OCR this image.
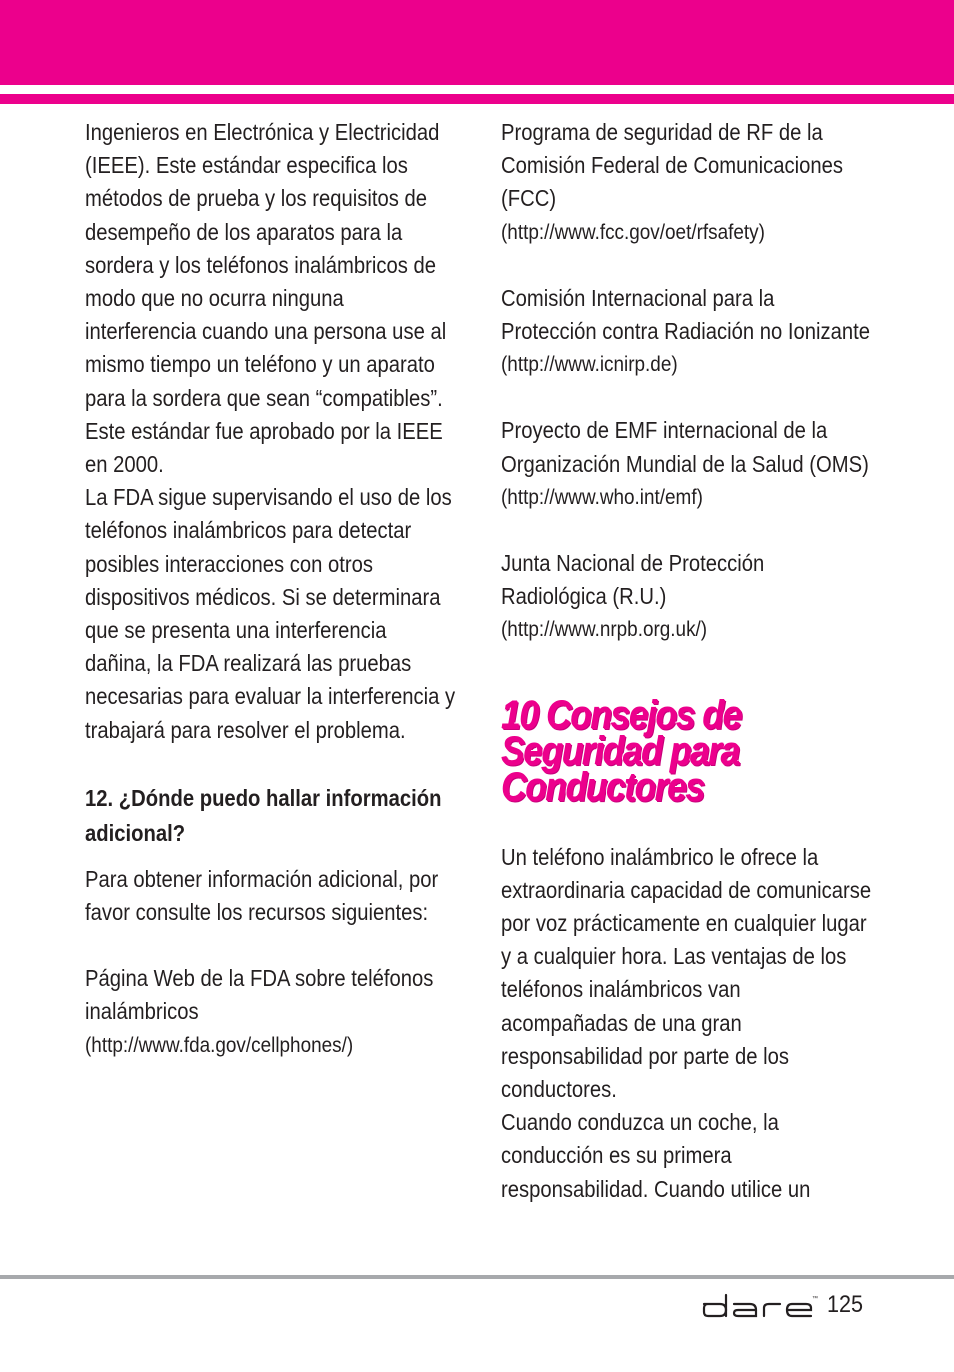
Ingenieros en Electrónica y Electricidad (IEEE). Este estándar especifica los métodos de prueba y los requisitos de desempeño de los aparatos para la sordera y los teléfonos inalámbricos de modo que no ocurra ninguna interferencia cuando una persona use al mismo tiempo un teléfono y un aparato para la sordera que sean “compatibles”. Este estándar fue aprobado por la IEEE en 2000.

La FDA sigue supervisando el uso de los teléfonos inalámbricos para detectar posibles interacciones con otros dispositivos médicos. Si se determinara que se presenta una interferencia dañina, la FDA realizará las pruebas necesarias para evaluar la interferencia y trabajará para resolver el problema.

12. ¿Dónde puedo hallar información adicional?

Para obtener información adicional, por favor consulte los recursos siguientes:

Página Web de la FDA sobre teléfonos inalámbricos

(http://www.fda.gov/cellphones/)

Programa de seguridad de RF de la Comisión Federal de Comunicaciones (FCC)

(http://www.fcc.gov/oet/rfsafety)

Comisión Internacional para la Protección contra Radiación no Ionizante

(http://www.icnirp.de)

Proyecto de EMF internacional de la Organización Mundial de la Salud (OMS)

(http://www.who.int/emf)

Junta Nacional de Protección Radiológica (R.U.)

(http://www.nrpb.org.uk/)

10 Consejos de Seguridad para Conductores

Un teléfono inalámbrico le ofrece la extraordinaria capacidad de comunicarse por voz prácticamente en cualquier lugar y a cualquier hora. Las ventajas de los teléfonos inalámbricos van acompañadas de una gran responsabilidad por parte de los conductores.

Cuando conduzca un coche, la conducción es su primera responsabilidad. Cuando utilice un

™ 125
